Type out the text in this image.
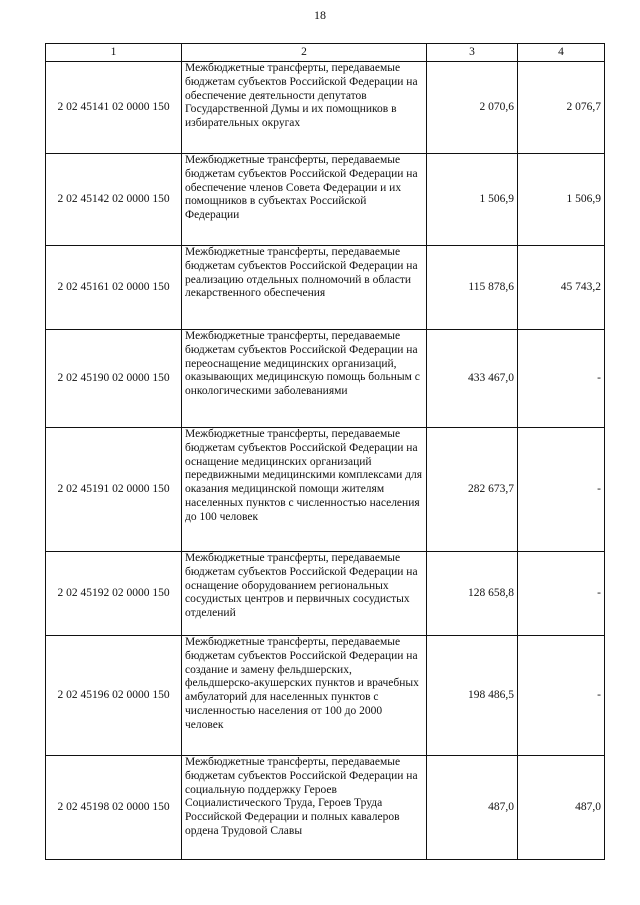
18
1	2	3	4
2 02 45141 02 0000 150	Межбюджетные трансферты, передаваемые бюджетам субъектов Российской Федерации на обеспечение деятельности депутатов Государственной Думы и их помощников в избирательных округах	2 070,6	2 076,7
2 02 45142 02 0000 150	Межбюджетные трансферты, передаваемые бюджетам субъектов Российской Федерации на обеспечение членов Совета Федерации и их помощников в субъектах Российской Федерации	1 506,9	1 506,9
2 02 45161 02 0000 150	Межбюджетные трансферты, передаваемые бюджетам субъектов Российской Федерации на реализацию отдельных полномочий в области лекарственного обеспечения	115 878,6	45 743,2
2 02 45190 02 0000 150	Межбюджетные трансферты, передаваемые бюджетам субъектов Российской Федерации на переоснащение медицинских организаций, оказывающих медицинскую помощь больным с онкологическими заболеваниями	433 467,0	-
2 02 45191 02 0000 150	Межбюджетные трансферты, передаваемые бюджетам субъектов Российской Федерации на оснащение медицинских организаций передвижными медицинскими комплексами для оказания медицинской помощи жителям населенных пунктов с численностью населения до 100 человек	282 673,7	-
2 02 45192 02 0000 150	Межбюджетные трансферты, передаваемые бюджетам субъектов Российской Федерации на оснащение оборудованием региональных сосудистых центров и первичных сосудистых отделений	128 658,8	-
2 02 45196 02 0000 150	Межбюджетные трансферты, передаваемые бюджетам субъектов Российской Федерации на создание и замену фельдшерских, фельдшерско-акушерских пунктов и врачебных амбулаторий для населенных пунктов с численностью населения от 100 до 2000 человек	198 486,5	-
2 02 45198 02 0000 150	Межбюджетные трансферты, передаваемые бюджетам субъектов Российской Федерации на социальную поддержку Героев Социалистического Труда, Героев Труда Российской Федерации и полных кавалеров ордена Трудовой Славы	487,0	487,0
